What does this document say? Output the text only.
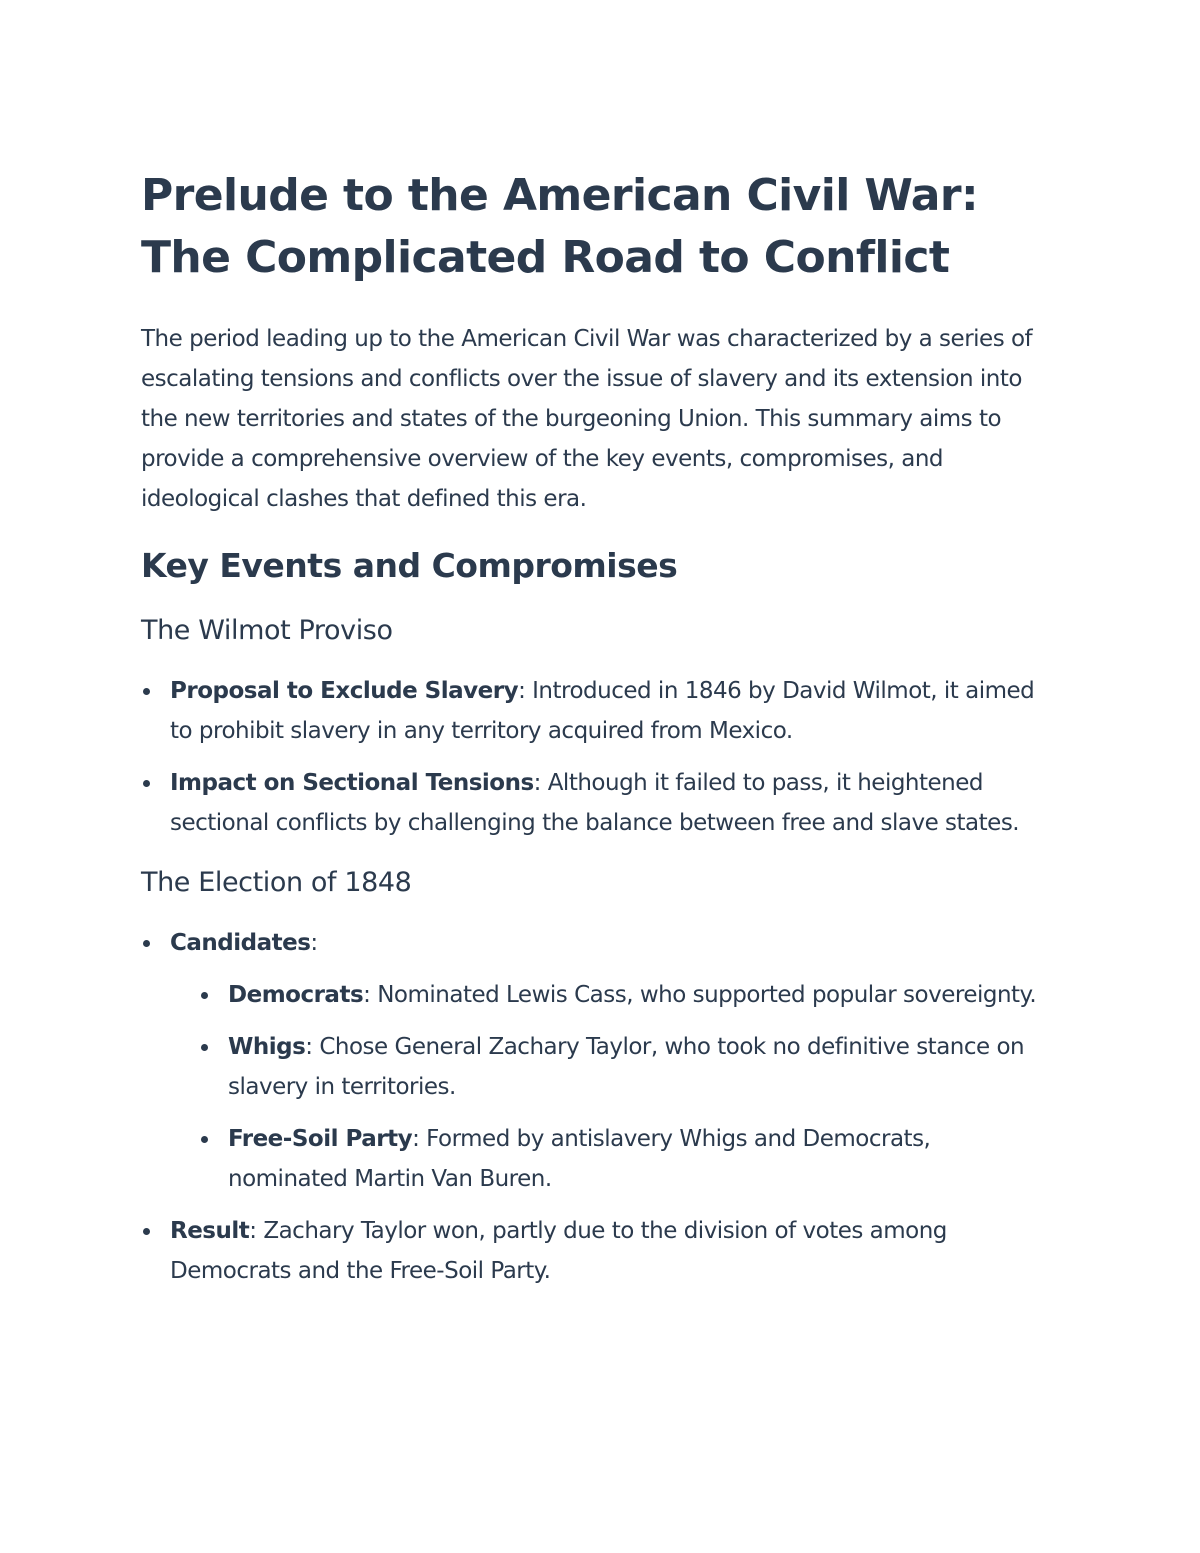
Prelude to the American Civil War: The Complicated Road to Conflict

The period leading up to the American Civil War was characterized by a series of escalating tensions and conflicts over the issue of slavery and its extension into the new territories and states of the burgeoning Union. This summary aims to provide a comprehensive overview of the key events, compromises, and ideological clashes that defined this era.

Key Events and Compromises
The Wilmot Proviso
Proposal to Exclude Slavery: Introduced in 1846 by David Wilmot, it aimed to prohibit slavery in any territory acquired from Mexico.
Impact on Sectional Tensions: Although it failed to pass, it heightened sectional conflicts by challenging the balance between free and slave states.
The Election of 1848
Candidates:
Democrats: Nominated Lewis Cass, who supported popular sovereignty.
Whigs: Chose General Zachary Taylor, who took no definitive stance on slavery in territories.
Free-Soil Party: Formed by antislavery Whigs and Democrats, nominated Martin Van Buren.
Result: Zachary Taylor won, partly due to the division of votes among Democrats and the Free-Soil Party.
